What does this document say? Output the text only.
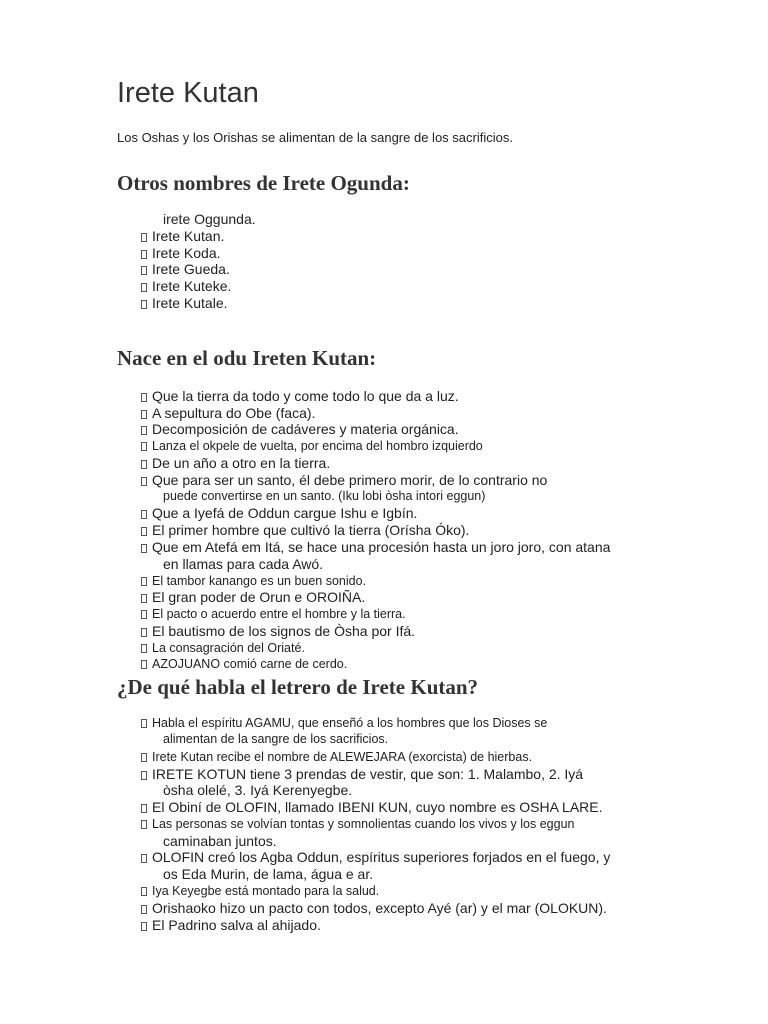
Irete Kutan

Los Oshas y los Orishas se alimentan de la sangre de los sacrificios.

Otros nombres de Irete Ogunda:
irete Oggunda.
Irete Kutan.
Irete Koda.
Irete Gueda.
Irete Kuteke.
Irete Kutale.
Nace en el odu Ireten Kutan:
Que la tierra da todo y come todo lo que da a luz.
A sepultura do Obe (faca).
Decomposición de cadáveres y materia orgánica.
Lanza el okpele de vuelta, por encima del hombro izquierdo
De un año a otro en la tierra.
Que para ser un santo, él debe primero morir, de lo contrario no
puede convertirse en un santo. (Iku lobi òsha intori eggun)
Que a Iyefá de Oddun cargue Ishu e Igbín.
El primer hombre que cultivó la tierra (Orísha Óko).
Que em Atefá em Itá, se hace una procesión hasta un joro joro, con atana
en llamas para cada Awó.
El tambor kanango es un buen sonido.
El gran poder de Orun e OROIÑA.
El pacto o acuerdo entre el hombre y la tierra.
El bautismo de los signos de Òsha por Ifá.
La consagración del Oriaté.
AZOJUANO comió carne de cerdo.
¿De qué habla el letrero de Irete Kutan?
Habla el espíritu AGAMU, que enseñó a los hombres que los Dioses se
alimentan de la sangre de los sacrificios.
Irete Kutan recibe el nombre de ALEWEJARA (exorcista) de hierbas.
IRETE KOTUN tiene 3 prendas de vestir, que son: 1. Malambo, 2. Iyá
òsha olelé, 3. Iyá Kerenyegbe.
El Obiní de OLOFIN, llamado IBENI KUN, cuyo nombre es OSHA LARE.
Las personas se volvían tontas y somnolientas cuando los vivos y los eggun
caminaban juntos.
OLOFIN creó los Agba Oddun, espíritus superiores forjados en el fuego, y
os Eda Murin, de lama, água e ar.
Iya Keyegbe está montado para la salud.
Orishaoko hizo un pacto con todos, excepto Ayé (ar) y el mar (OLOKUN).
El Padrino salva al ahijado.
